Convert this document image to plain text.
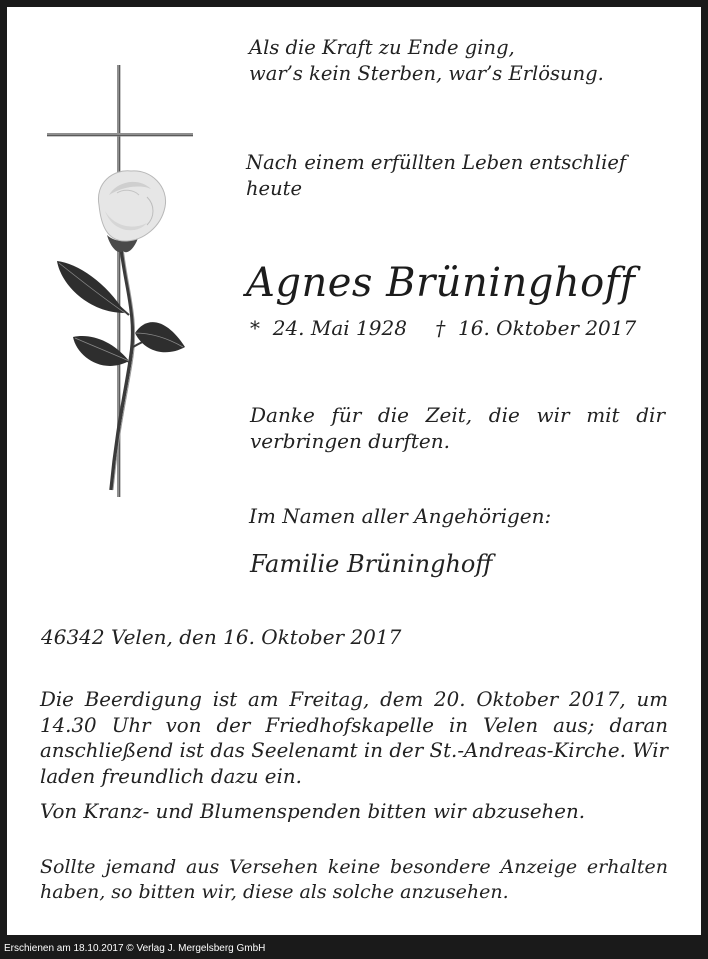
Als die Kraft zu Ende ging,
war’s kein Sterben, war’s Erlösung.
Nach einem erfüllten Leben entschlief
heute
Agnes Brüninghoff
* 24. Mai 1928 † 16. Oktober 2017
Danke für die Zeit, die wir mit dir verbringen durften.
Im Namen aller Angehörigen:
Familie Brüninghoff
46342 Velen, den 16. Oktober 2017
Die Beerdigung ist am Freitag, dem 20. Oktober 2017, um 14.30 Uhr von der Friedhofskapelle in Velen aus; daran anschließend ist das Seelenamt in der St.-Andreas-Kirche. Wir laden freundlich dazu ein.
Von Kranz- und Blumenspenden bitten wir abzusehen.
Sollte jemand aus Versehen keine besondere Anzeige erhalten haben, so bitten wir, diese als solche anzusehen.
Erschienen am 18.10.2017 © Verlag J. Mergelsberg GmbH
